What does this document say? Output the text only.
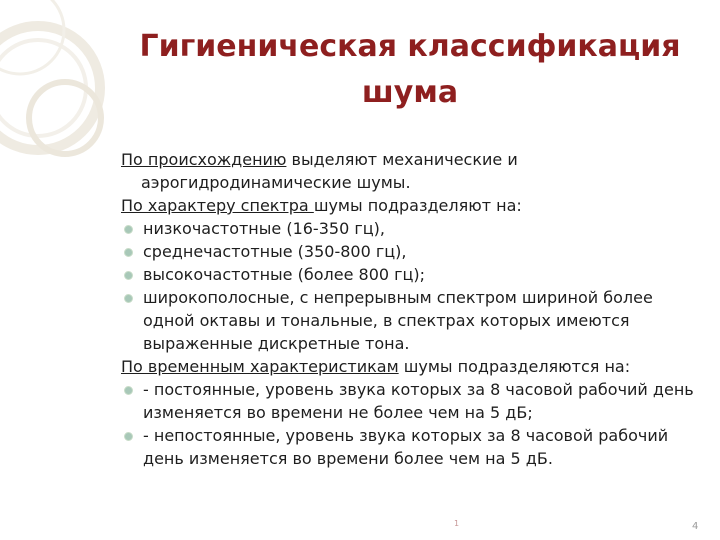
Гигиеническая классификация
шума

По происхождению выделяют механические и аэрогидродинамические шумы.

По характеру спектра шумы подразделяют на:

низкочастотные (16-350 гц),
среднечастотные (350-800 гц),
высокочастотные (более 800 гц);
широкополосные, с непрерывным спектром шириной более одной октавы и тональные, в спектрах которых имеются выраженные дискретные тона.

По временным характеристикам шумы подразделяются на:

- постоянные, уровень звука которых за 8 часовой рабочий день изменяется во времени не более чем на 5 дБ;
- непостоянные, уровень звука которых за 8 часовой рабочий день изменяется во времени более чем на 5 дБ.
1	4
